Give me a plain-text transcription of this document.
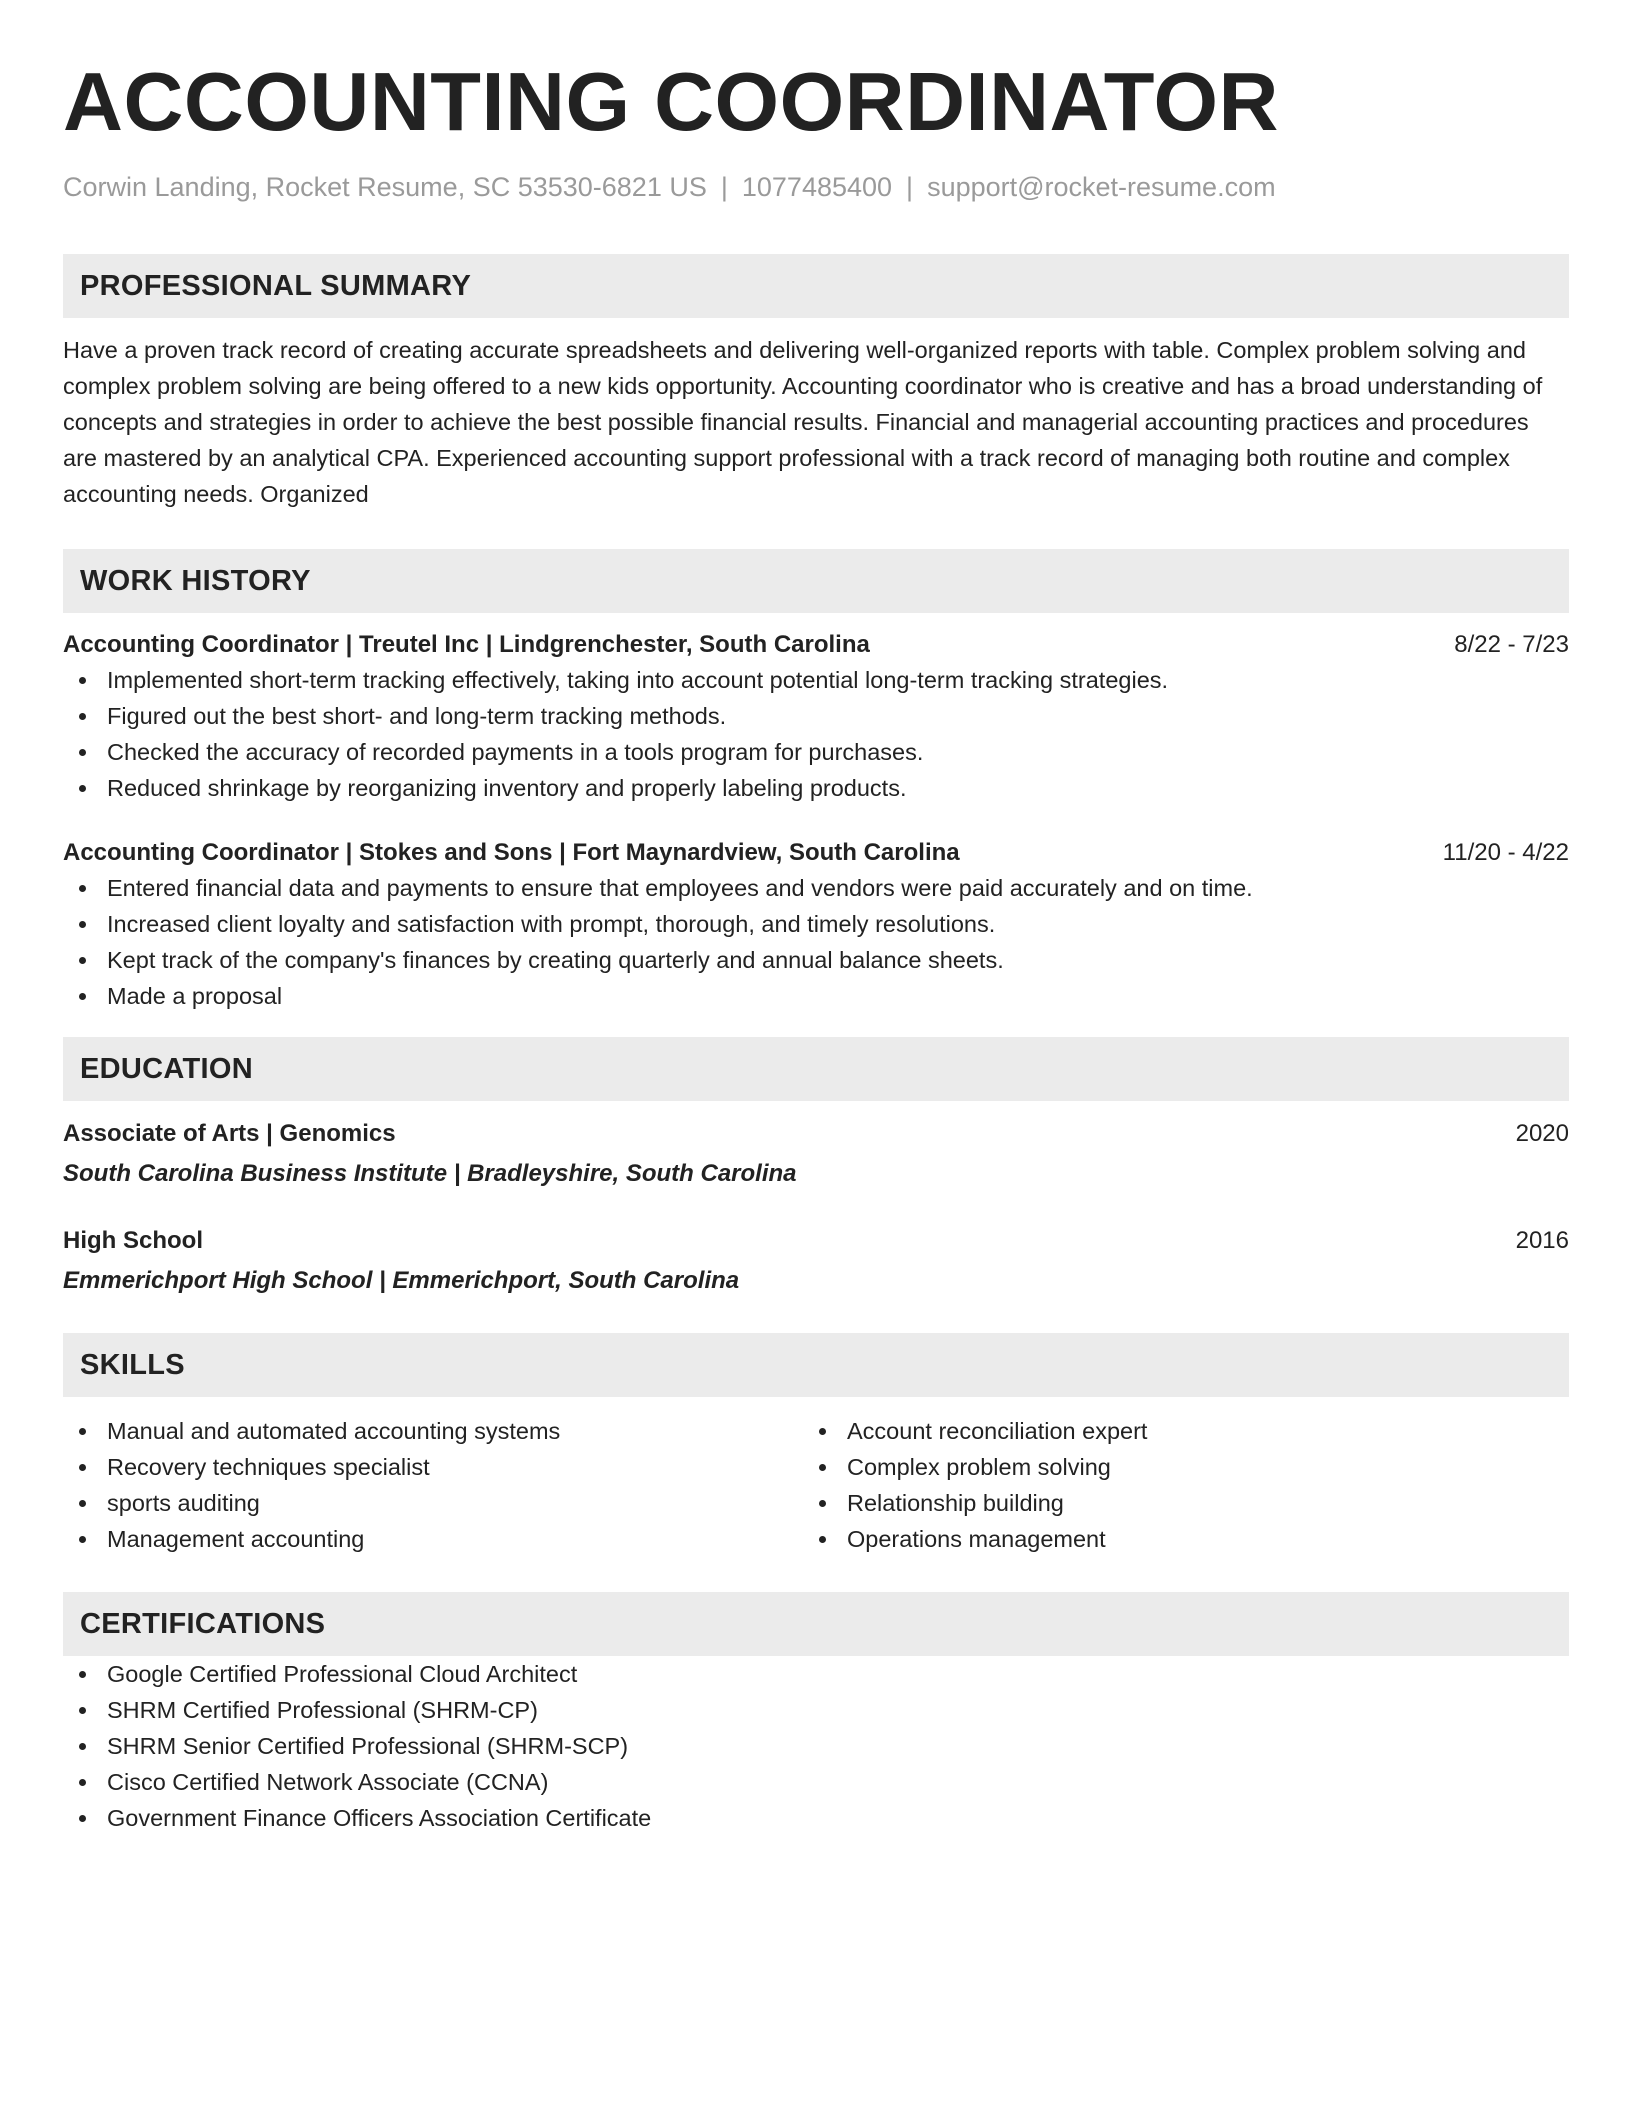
ACCOUNTING COORDINATOR
Corwin Landing, Rocket Resume, SC 53530-6821 US | 1077485400 | support@rocket-resume.com
PROFESSIONAL SUMMARY
Have a proven track record of creating accurate spreadsheets and delivering well-organized reports with table. Complex problem solving and complex problem solving are being offered to a new kids opportunity. Accounting coordinator who is creative and has a broad understanding of concepts and strategies in order to achieve the best possible financial results. Financial and managerial accounting practices and procedures are mastered by an analytical CPA. Experienced accounting support professional with a track record of managing both routine and complex accounting needs. Organized
WORK HISTORY
Accounting Coordinator | Treutel Inc | Lindgrenchester, South Carolina	8/22 - 7/23
Implemented short-term tracking effectively, taking into account potential long-term tracking strategies.
Figured out the best short- and long-term tracking methods.
Checked the accuracy of recorded payments in a tools program for purchases.
Reduced shrinkage by reorganizing inventory and properly labeling products.
Accounting Coordinator | Stokes and Sons | Fort Maynardview, South Carolina	11/20 - 4/22
Entered financial data and payments to ensure that employees and vendors were paid accurately and on time.
Increased client loyalty and satisfaction with prompt, thorough, and timely resolutions.
Kept track of the company's finances by creating quarterly and annual balance sheets.
Made a proposal
EDUCATION
Associate of Arts | Genomics	2020
South Carolina Business Institute | Bradleyshire, South Carolina
High School	2016
Emmerichport High School | Emmerichport, South Carolina
SKILLS
Manual and automated accounting systems
Recovery techniques specialist
sports auditing
Management accounting
Account reconciliation expert
Complex problem solving
Relationship building
Operations management
CERTIFICATIONS
Google Certified Professional Cloud Architect
SHRM Certified Professional (SHRM-CP)
SHRM Senior Certified Professional (SHRM-SCP)
Cisco Certified Network Associate (CCNA)
Government Finance Officers Association Certificate
